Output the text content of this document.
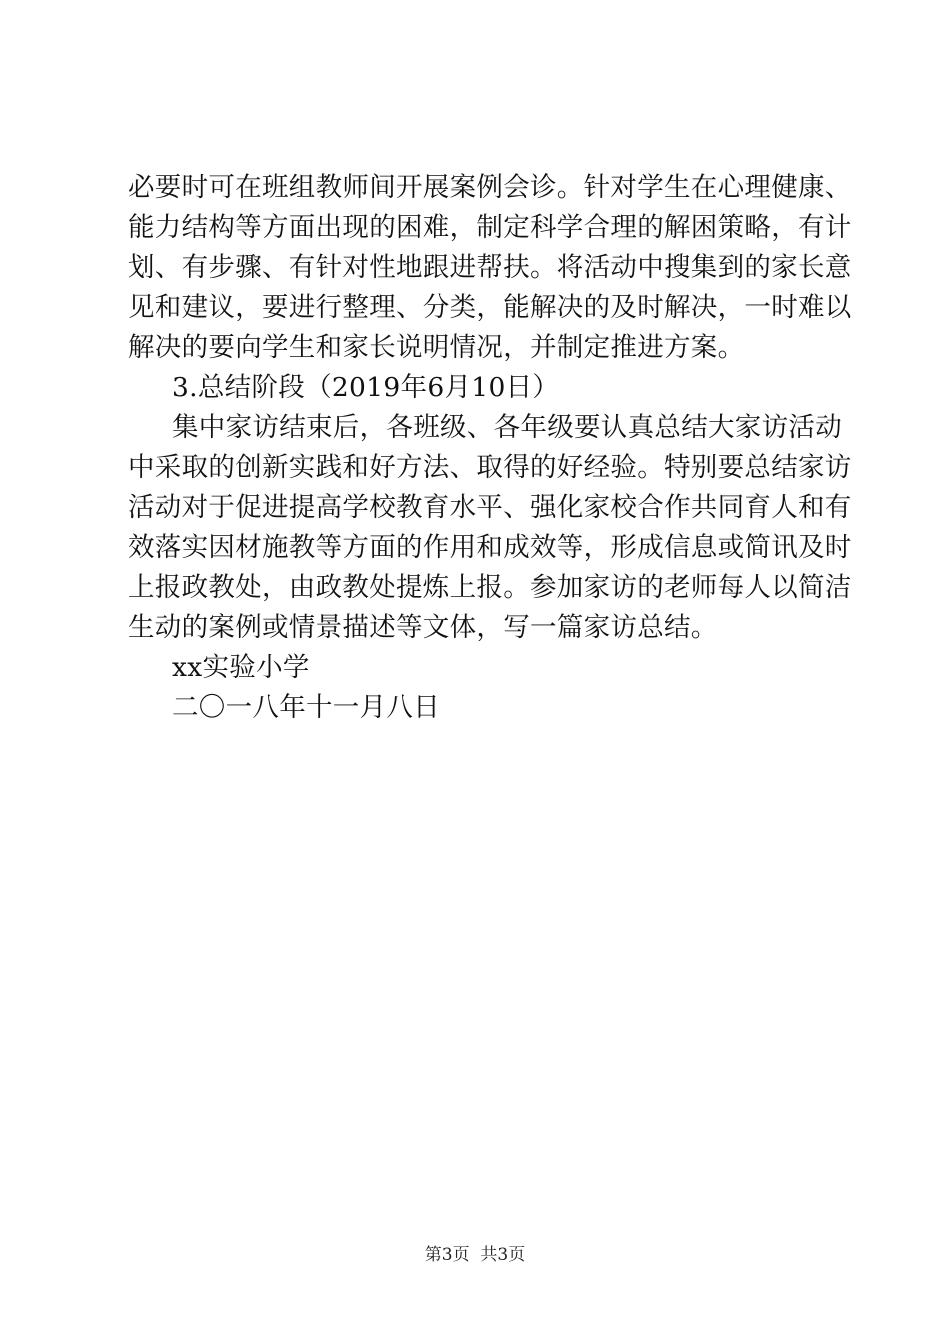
必要时可在班组教师间开展案例会诊。针对学生在心理健康、
能力结构等方面出现的困难，制定科学合理的解困策略，有计
划、有步骤、有针对性地跟进帮扶。将活动中搜集到的家长意
见和建议，要进行整理、分类，能解决的及时解决，一时难以
解决的要向学生和家长说明情况，并制定推进方案。
3.总结阶段（2019年6月10日）
集中家访结束后，各班级、各年级要认真总结大家访活动
中采取的创新实践和好方法、取得的好经验。特别要总结家访
活动对于促进提高学校教育水平、强化家校合作共同育人和有
效落实因材施教等方面的作用和成效等，形成信息或简讯及时
上报政教处，由政教处提炼上报。参加家访的老师每人以简洁
生动的案例或情景描述等文体，写一篇家访总结。
xx实验小学
二〇一八年十一月八日
第3页  共3页
